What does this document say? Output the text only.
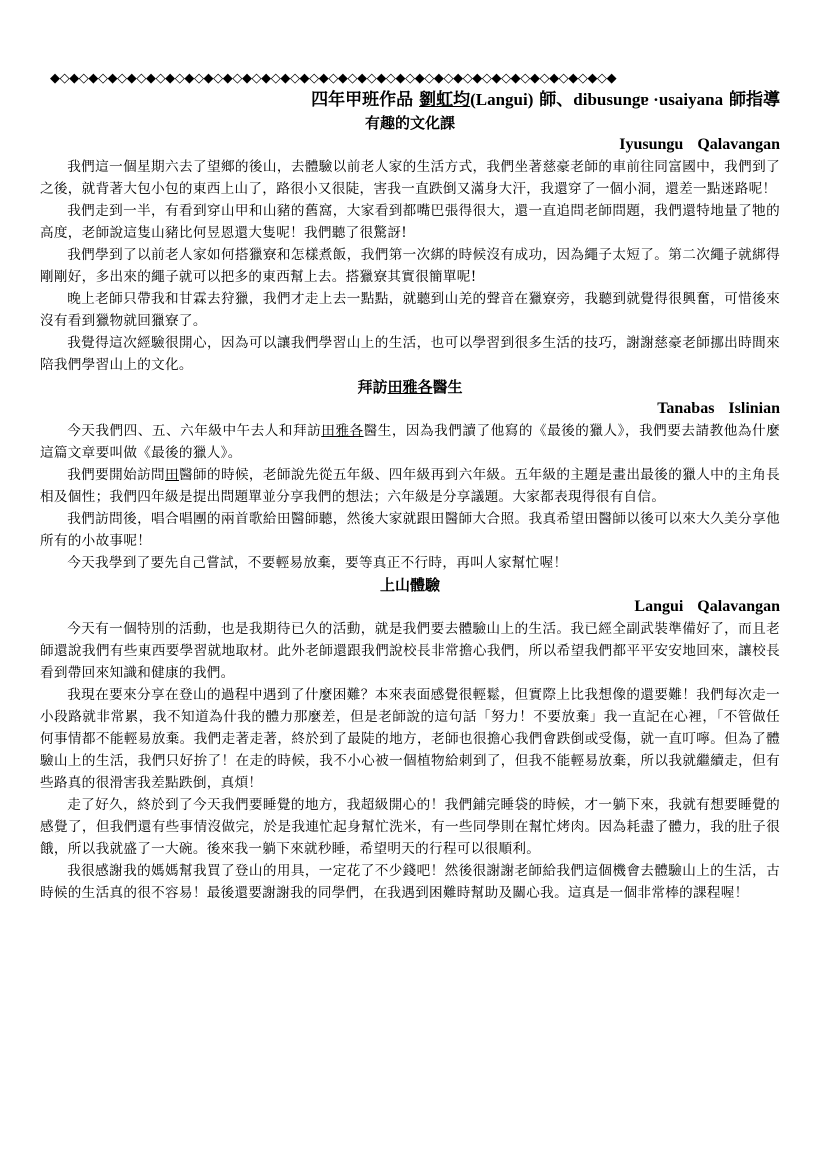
◆◇◆◇◆◇◆◇◆◇◆◇◆◇◆◇◆◇◆◇◆◇◆◇◆◇◆◇◆◇◆◇◆◇◆◇◆◇◆◇◆◇◆◇◆◇◆◇◆◇◆◇◆◇◆◇◆◇◆
四年甲班作品 劉虹均(Langui) 師、dibusungɐ ·usaiyana 師指導
有趣的文化課
Iyusungu Qalavangan

我們這一個星期六去了望鄉的後山，去體驗以前老人家的生活方式，我們坐著慈豪老師的車前往同富國中，我們到了之後，就背著大包小包的東西上山了，路很小又很陡，害我一直跌倒又滿身大汗，我還穿了一個小洞，還差一點迷路呢！

我們走到一半，有看到穿山甲和山豬的舊窩，大家看到都嘴巴張得很大，還一直追問老師問題，我們還特地量了牠的高度，老師說這隻山豬比何昱恩還大隻呢！我們聽了很驚訝!

我們學到了以前老人家如何搭獵寮和怎樣煮飯，我們第一次綁的時候沒有成功，因為繩子太短了。第二次繩子就綁得剛剛好，多出來的繩子就可以把多的東西幫上去。搭獵寮其實很簡單呢!

晚上老師只帶我和甘霖去狩獵，我們才走上去一點點，就聽到山羌的聲音在獵寮旁，我聽到就覺得很興奮，可惜後來沒有看到獵物就回獵寮了。

我覺得這次經驗很開心，因為可以讓我們學習山上的生活，也可以學習到很多生活的技巧，謝謝慈豪老師挪出時間來陪我們學習山上的文化。

拜訪田雅各醫生
Tanabas Islinian

今天我們四、五、六年級中午去人和拜訪田雅各醫生，因為我們讀了他寫的《最後的獵人》，我們要去請教他為什麼這篇文章要叫做《最後的獵人》。

我們要開始訪問田醫師的時候，老師說先從五年級、四年級再到六年級。五年級的主題是畫出最後的獵人中的主角長相及個性；我們四年級是提出問題單並分享我們的想法；六年級是分享議題。大家都表現得很有自信。

我們訪問後，唱合唱團的兩首歌給田醫師聽，然後大家就跟田醫師大合照。我真希望田醫師以後可以來大久美分享他所有的小故事呢！

今天我學到了要先自己嘗試，不要輕易放棄，要等真正不行時，再叫人家幫忙喔！

上山體驗
Langui Qalavangan

今天有一個特別的活動，也是我期待已久的活動，就是我們要去體驗山上的生活。我已經全副武裝準備好了，而且老師還說我們有些東西要學習就地取材。此外老師還跟我們說校長非常擔心我們，所以希望我們都平平安安地回來，讓校長看到帶回來知識和健康的我們。

我現在要來分享在登山的過程中遇到了什麼困難？本來表面感覺很輕鬆，但實際上比我想像的還要難！我們每次走一小段路就非常累，我不知道為什我的體力那麼差，但是老師說的這句話「努力！不要放棄」我一直記在心裡，「不管做任何事情都不能輕易放棄。我們走著走著，終於到了最陡的地方，老師也很擔心我們會跌倒或受傷，就一直叮嚀。但為了體驗山上的生活，我們只好拚了！在走的時候，我不小心被一個植物給刺到了，但我不能輕易放棄，所以我就繼續走，但有些路真的很滑害我差點跌倒，真煩！

走了好久，終於到了今天我們要睡覺的地方，我超級開心的！我們鋪完睡袋的時候，才一躺下來，我就有想要睡覺的感覺了，但我們還有些事情沒做完，於是我連忙起身幫忙洗米，有一些同學則在幫忙烤肉。因為耗盡了體力，我的肚子很餓，所以我就盛了一大碗。後來我一躺下來就秒睡，希望明天的行程可以很順利。

我很感謝我的媽媽幫我買了登山的用具，一定花了不少錢吧！然後很謝謝老師給我們這個機會去體驗山上的生活，古時候的生活真的很不容易！最後還要謝謝我的同學們，在我遇到困難時幫助及關心我。這真是一個非常棒的課程喔！
